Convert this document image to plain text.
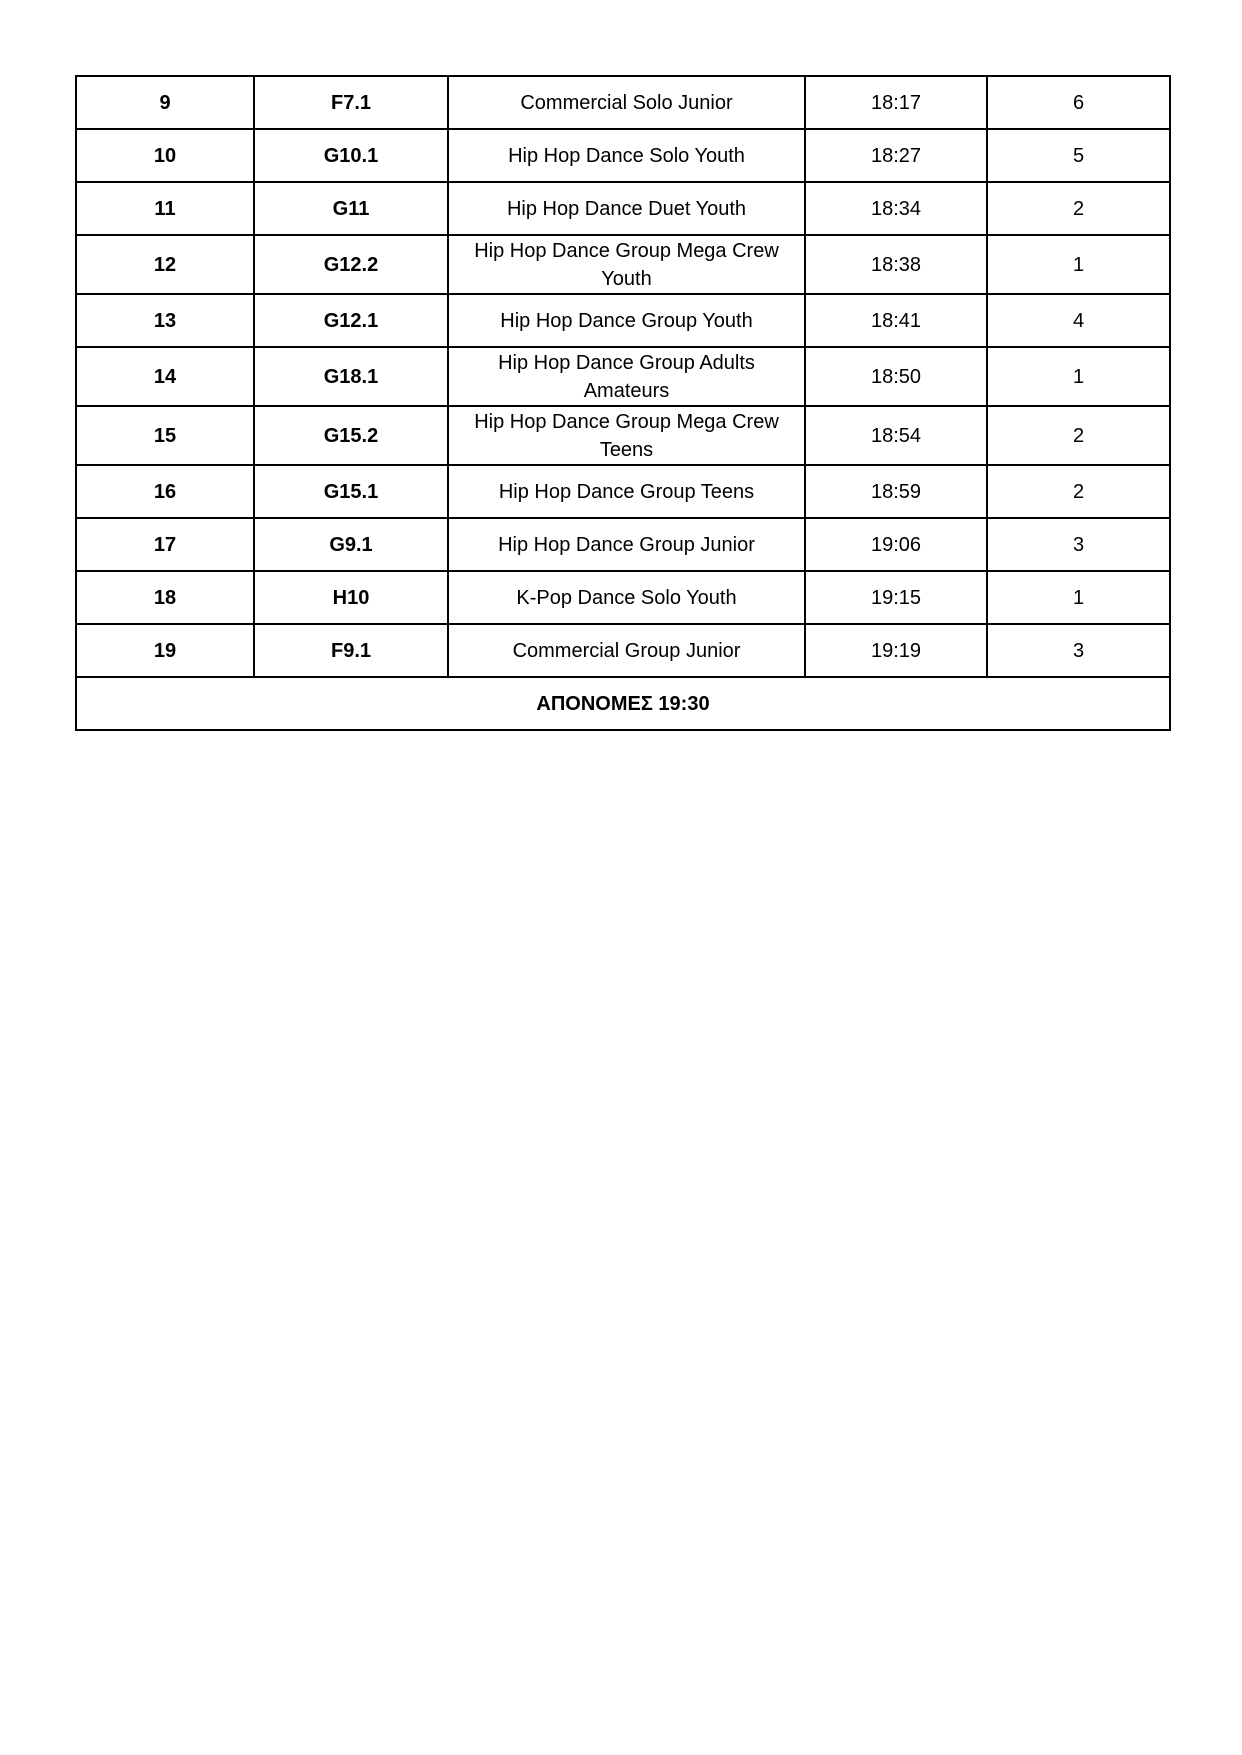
9	F7.1	Commercial Solo Junior	18:17	6
10	G10.1	Hip Hop Dance Solo Youth	18:27	5
11	G11	Hip Hop Dance Duet Youth	18:34	2
12	G12.2	Hip Hop Dance Group Mega Crew Youth	18:38	1
13	G12.1	Hip Hop Dance Group Youth	18:41	4
14	G18.1	Hip Hop Dance Group Adults Amateurs	18:50	1
15	G15.2	Hip Hop Dance Group Mega Crew Teens	18:54	2
16	G15.1	Hip Hop Dance Group Teens	18:59	2
17	G9.1	Hip Hop Dance Group Junior	19:06	3
18	H10	K-Pop Dance Solo Youth	19:15	1
19	F9.1	Commercial Group Junior	19:19	3
ΑΠΟΝΟΜΕΣ 19:30				
